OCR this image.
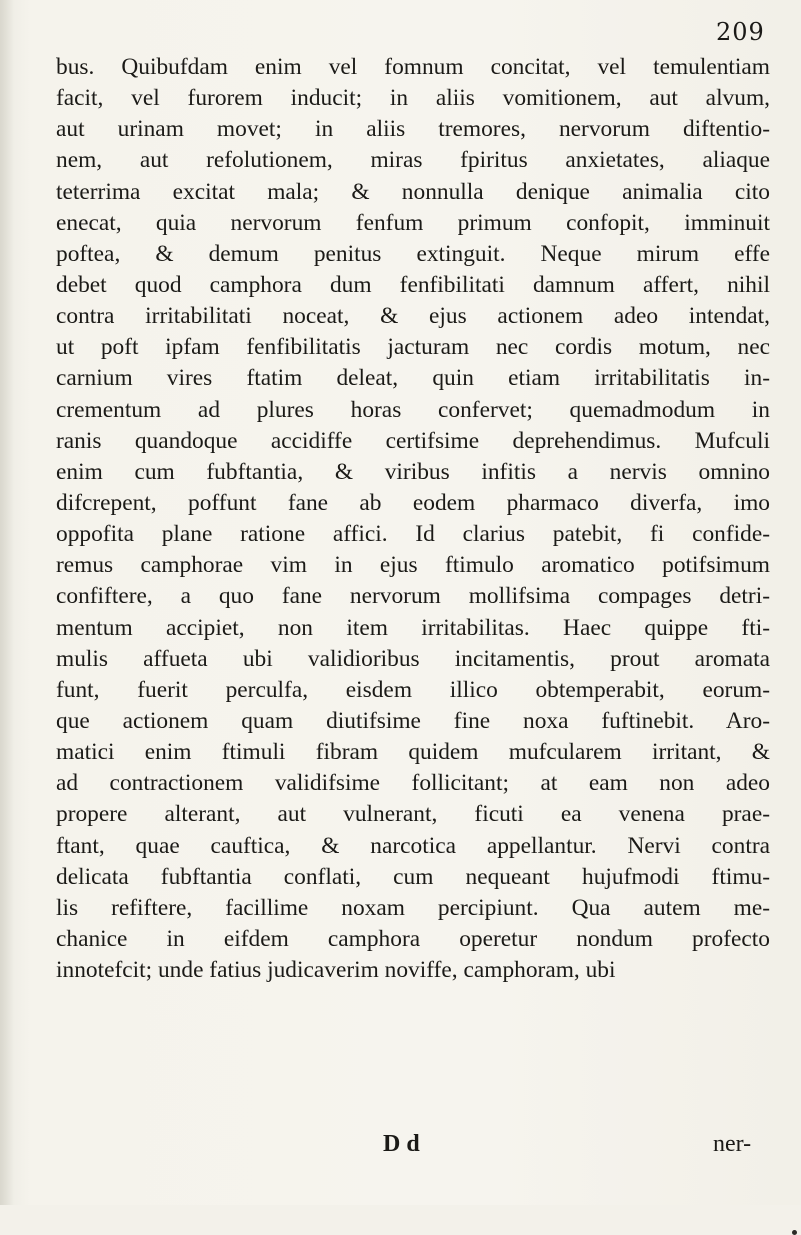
209
bus. Quibufdam enim vel fomnum concitat, vel temulentiam
facit, vel furorem inducit; in aliis vomitionem, aut alvum,
aut urinam movet; in aliis tremores, nervorum diftentio-
nem, aut refolutionem, miras fpiritus anxietates, aliaque
teterrima excitat mala; & nonnulla denique animalia cito
enecat, quia nervorum fenfum primum confopit, imminuit
poftea, & demum penitus extinguit. Neque mirum effe
debet quod camphora dum fenfibilitati damnum affert, nihil
contra irritabilitati noceat, & ejus actionem adeo intendat,
ut poft ipfam fenfibilitatis jacturam nec cordis motum, nec
carnium vires ftatim deleat, quin etiam irritabilitatis in-
crementum ad plures horas confervet; quemadmodum in
ranis quandoque accidiffe certifsime deprehendimus. Mufculi
enim cum fubftantia, & viribus infitis a nervis omnino
difcrepent, poffunt fane ab eodem pharmaco diverfa, imo
oppofita plane ratione affici. Id clarius patebit, fi confide-
remus camphorae vim in ejus ftimulo aromatico potifsimum
confiftere, a quo fane nervorum mollifsima compages detri-
mentum accipiet, non item irritabilitas. Haec quippe fti-
mulis affueta ubi validioribus incitamentis, prout aromata
funt, fuerit perculfa, eisdem illico obtemperabit, eorum-
que actionem quam diutifsime fine noxa fuftinebit. Aro-
matici enim ftimuli fibram quidem mufcularem irritant, &
ad contractionem validifsime follicitant; at eam non adeo
propere alterant, aut vulnerant, ficuti ea venena prae-
ftant, quae cauftica, & narcotica appellantur. Nervi contra
delicata fubftantia conflati, cum nequeant hujufmodi ftimu-
lis refiftere, facillime noxam percipiunt. Qua autem me-
chanice in eifdem camphora operetur nondum profecto
innotefcit; unde fatius judicaverim noviffe, camphoram, ubi
D d	ner-
